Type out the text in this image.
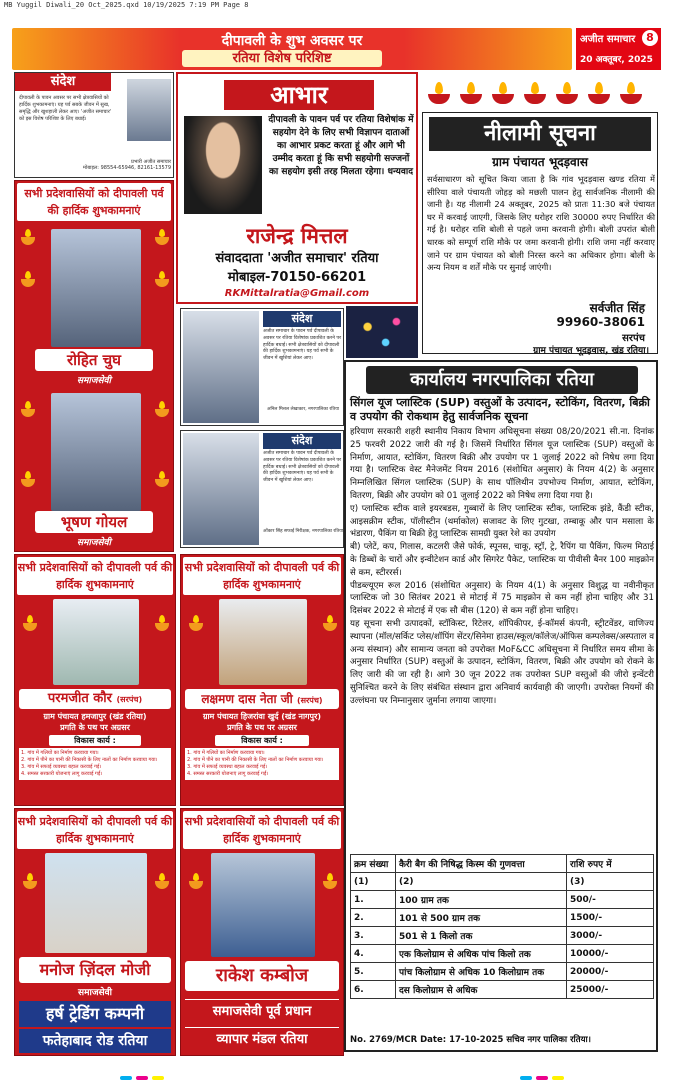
MB Yuggil Diwali_20 Oct_2025.qxd 10/19/2025 7:19 PM Page 8
दीपावली के शुभ अवसर पर
रतिया विशेष परिशिष्ट
अजीत समाचार 8
20 अक्तूबर, 2025
संदेश
दीपावली के पावन अवसर पर सभी क्षेत्रवासियों को हार्दिक शुभकामनाएं। यह पर्व सबके जीवन में सुख, समृद्धि और खुशहाली लेकर आए। 'अजीत समाचार' को इस विशेष परिशिष्ट के लिए बधाई।
प्रभारी अजीत समाचार
मोबाइल: 98554-65946, 82161-13579
आभार
दीपावली के पावन पर्व पर रतिया विशेषांक में सहयोग देने के लिए सभी विज्ञापन दाताओं का आभार प्रकट करता हूं और आगे भी उम्मीद करता हूं कि सभी सहयोगी सज्जनों का सहयोग इसी तरह मिलता रहेगा। धन्यवाद
राजेन्द्र मित्तल
संवाददाता 'अजीत समाचार' रतिया
मोबाइल-70150-66201
RKMittalratia@Gmail.com
नीलामी सूचना
ग्राम पंचायत भूदड़वास
सर्वसाधारण को सूचित किया जाता है कि गांव भूदड़वास खण्ड रतिया में सीरिया वाले पंचायती जोहड़ को मछली पालन हेतु सार्वजनिक नीलामी की जानी है। यह नीलामी 24 अक्तूबर, 2025 को प्रातः 11:30 बजे पंचायत घर में करवाई जाएगी, जिसके लिए धरोहर राशि 30000 रुपए निर्धारित की गई है। धरोहर राशि बोली से पहले जमा करवानी होगी। बोली उपरांत बोली धारक को सम्पूर्ण राशि मौके पर जमा करवानी होगी। राशि जमा नहीं करवाए जाने पर ग्राम पंचायत को बोली निरस्त करने का अधिकार होगा। बोली के अन्य नियम व शर्तें मौके पर सुनाई जाएंगी।
सर्वजीत सिंह
99960-38061
सरपंच
ग्राम पंचायत भूदड़वास, खंड रतिया।
सभी प्रदेशवासियों को दीपावली पर्व की हार्दिक शुभकामनाएं
रोहित चुघ
समाजसेवी
भूषण गोयल
समाजसेवी
संदेश
अजीत समाचार के पावन पर्व दीपावली के अवसर पर रतिया विशेषांक प्रकाशित करने पर हार्दिक बधाई। सभी क्षेत्रवासियों को दीपावली की हार्दिक शुभकामनाएं। यह पर्व सभी के जीवन में खुशियां लेकर आए।
अनिल मित्तल लेखाकार, नगरपालिका रतिया
संदेश
अजीत समाचार के पावन पर्व दीपावली के अवसर पर रतिया विशेषांक प्रकाशित करने पर हार्दिक बधाई। सभी क्षेत्रवासियों को दीपावली की हार्दिक शुभकामनाएं। यह पर्व सभी के जीवन में खुशियां लेकर आए।
ओंकार सिंह सफाई निरीक्षक, नगरपालिका रतिया
सभी प्रदेशवासियों को दीपावली पर्व की हार्दिक शुभकामनाएं
परमजीत कौर (सरपंच)
ग्राम पंचायत हमजापुर (खंड रतिया)
प्रगति के पथ पर अग्रसर
विकास कार्य :
1. गांव में गलियों का निर्माण करवाया गया।
2. गांव में पीने का पानी की निकासी के लिए नालों का निर्माण करवाया गया।
3. गांव में सफाई व्यवस्था बहाल करवाई गई।
4. समस्त सरकारी योजनाएं लागू करवाई गईं।
सभी प्रदेशवासियों को दीपावली पर्व की हार्दिक शुभकामनाएं
लक्षमण दास नेता जी (सरपंच)
ग्राम पंचायत हिजरांवा खुर्द (खंड नागपुर)
प्रगति के पथ पर अग्रसर
विकास कार्य :
1. गांव में गलियों का निर्माण करवाया गया।
2. गांव में पीने का पानी की निकासी के लिए नालों का निर्माण करवाया गया।
3. गांव में सफाई व्यवस्था बहाल करवाई गई।
4. समस्त सरकारी योजनाएं लागू करवाई गईं।
सभी प्रदेशवासियों को दीपावली पर्व की हार्दिक शुभकामनाएं
मनोज ज़िंदल मोजी
समाजसेवी
हर्ष ट्रेडिंग कम्पनी
फतेहाबाद रोड रतिया
सभी प्रदेशवासियों को दीपावली पर्व की हार्दिक शुभकामनाएं
राकेश कम्बोज
समाजसेवी पूर्व प्रधान
व्यापार मंडल रतिया
कार्यालय नगरपालिका रतिया
सिंगल यूज प्लास्टिक (SUP) वस्तुओं के उत्पादन, स्टोकिंग, वितरण, बिक्री व उपयोग की रोकथाम हेतु सार्वजनिक सूचना

हरियाण सरकारी शहरी स्थानीय निकाय विभाग अधिसूचना संख्या 08/20/2021 सी.ना. दिनांक 25 फरवरी 2022 जारी की गई है। जिसमें निर्धारित सिंगल यूज प्लास्टिक (SUP) वस्तुओं के निर्माण, आयात, स्टोकिंग, वितरण बिक्री और उपयोग पर 1 जुलाई 2022 को निषेध लगा दिया गया है। प्लास्टिक वेस्ट मैनेजमेंट नियम 2016 (संशोधित अनुसार) के नियम 4(2) के अनुसार निम्नलिखित सिंगल प्लास्टिक (SUP) के साथ पॉलिथीन उपभोज्य निर्माण, आयात, स्टोकिंग, वितरण, बिक्री और उपयोग को 01 जुलाई 2022 को निषेध लगा दिया गया है।

ए) प्लास्टिक स्टीक वाले इयरबडस, गुब्बारों के लिए प्लास्टिक स्टीक, प्लास्टिक झंडे, कैंडी स्टीक, आइसक्रीम स्टीक, पॉलीस्टीन (थर्माकोल) सजावट के लिए गुटखा, तम्बाकू और पान मसाला के भंडारण, पैकिंग या बिक्री हेतु प्लास्टिक सामग्री युक्त रेशे का उपयोग

बी) प्लेटें, कप, गिलास, कटलरी जैसे फोर्क, स्पूनस, चाकू, स्ट्रॉ, ट्रे, रैपिंग या पैकिंग, फिल्म मिठाई के डिब्बों के चारों और इन्वीटेशन कार्ड और सिगरेट पैकेट, प्लास्टिक या पीवीसी बैनर 100 माइक्रोन से कम, स्टीररर्स।

पीडब्ल्यूएम रूल 2016 (संशोधित अनुसार) के नियम 4(1) के अनुसार विशुद्ध या नवीनीकृत प्लास्टिक जो 30 सितंबर 2021 से मोटाई में 75 माइक्रोन से कम नहीं होना चाहिए और 31 दिसंबर 2022 से मोटाई में एक सौ बीस (120) से कम नहीं होना चाहिए।

यह सूचना सभी उत्पादकों, स्टॉकिस्ट, रिटेलर, शॉपिकीपर, ई-कॉमर्स कंपनी, स्ट्रीटवेंडर, वाणिज्य स्थापना (मॉल/सर्किट प्लेस/शॉपिंग सेंटर/सिनेमा हाउस/स्कूल/कॉलेज/ऑफिस कम्पलेक्स/अस्पताल व अन्य संस्थान) और सामान्य जनता को उपरोक्त MoF&CC अधिसूचना में निर्धारित समय सीमा के अनुसार निर्धारित (SUP) वस्तुओं के उत्पादन, स्टोकिंग, वितरण, बिक्री और उपयोग को रोकने के लिए जारी की जा रही है। आगे 30 जून 2022 तक उपरोक्त SUP वस्तुओं की जीरो इन्वेंटरी सुनिश्चित करने के लिए संबंधित संस्थान द्वारा अनिवार्य कार्यवाही की जाएगी। उपरोक्त नियमों की उल्लंघना पर निम्नानुसार जुर्माना लगाया जाएगा।

क्रम संख्या	कैरी बैग की निषिद्ध किस्म की गुणवत्ता	राशि रुपए में
(1)	(2)	(3)
1.	100 ग्राम तक	500/-
2.	101 से 500 ग्राम तक	1500/-
3.	501 से 1 किलो तक	3000/-
4.	एक किलोग्राम से अधिक पांच किलो तक	10000/-
5.	पांच किलोग्राम से अधिक 10 किलोग्राम तक	20000/-
6.	दस किलोग्राम से अधिक	25000/-
No. 2769/MCR Date: 17-10-2025 सचिव नगर पालिका रतिया।
